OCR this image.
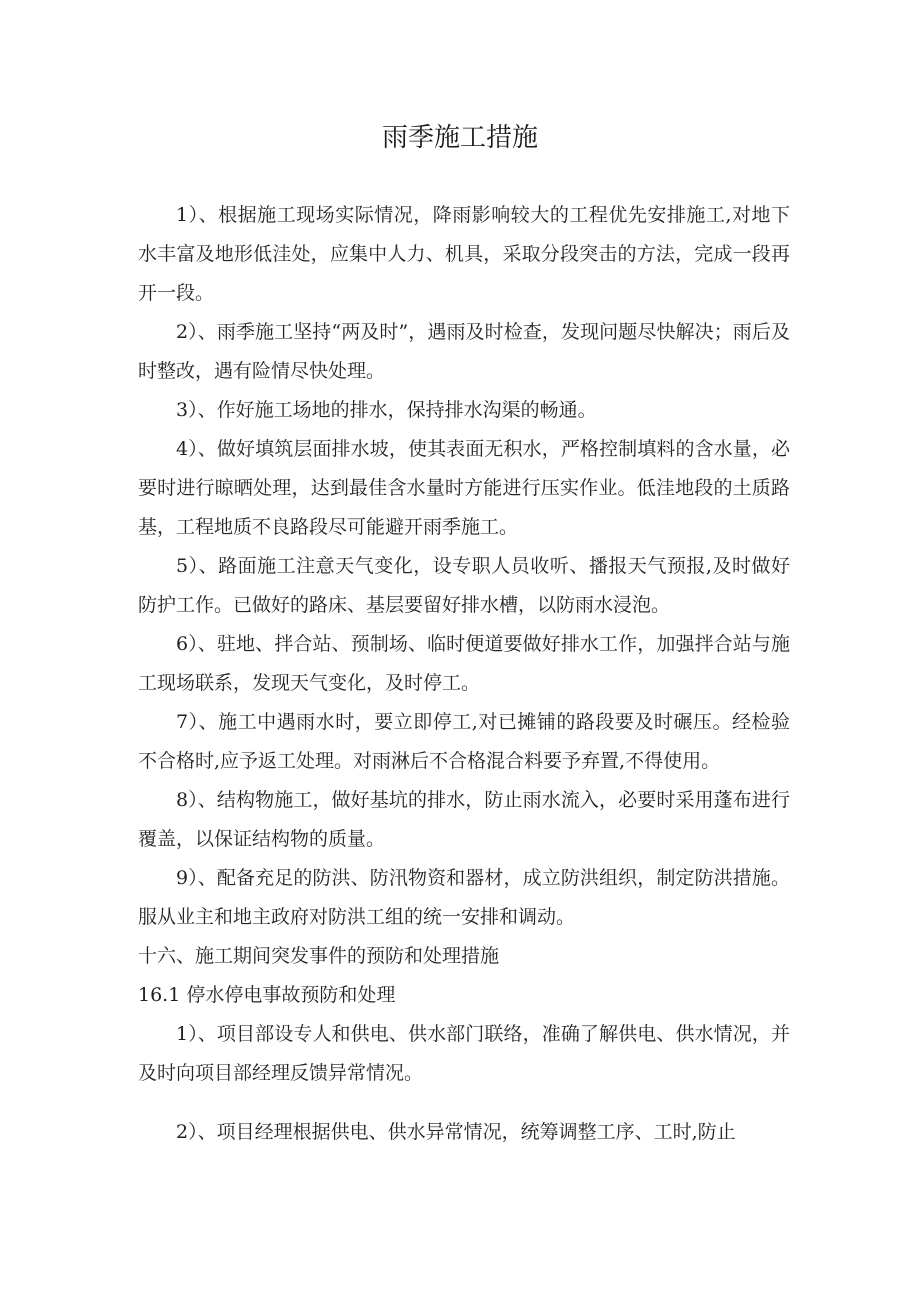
雨季施工措施

1）、根据施工现场实际情况，降雨影响较大的工程优先安排施工,对地下水丰富及地形低洼处，应集中人力、机具，采取分段突击的方法，完成一段再开一段。

2）、雨季施工坚持“两及时”，遇雨及时检查，发现问题尽快解决；雨后及时整改，遇有险情尽快处理。

3）、作好施工场地的排水，保持排水沟渠的畅通。

4）、做好填筑层面排水坡，使其表面无积水，严格控制填料的含水量，必要时进行晾晒处理，达到最佳含水量时方能进行压实作业。低洼地段的土质路基，工程地质不良路段尽可能避开雨季施工。

5）、路面施工注意天气变化，设专职人员收听、播报天气预报,及时做好防护工作。已做好的路床、基层要留好排水槽，以防雨水浸泡。

6）、驻地、拌合站、预制场、临时便道要做好排水工作，加强拌合站与施工现场联系，发现天气变化，及时停工。

7）、施工中遇雨水时，要立即停工,对已摊铺的路段要及时碾压。经检验不合格时,应予返工处理。对雨淋后不合格混合料要予弃置,不得使用。

8）、结构物施工，做好基坑的排水，防止雨水流入，必要时采用蓬布进行覆盖，以保证结构物的质量。

9）、配备充足的防洪、防汛物资和器材，成立防洪组织，制定防洪措施。服从业主和地主政府对防洪工组的统一安排和调动。

十六、施工期间突发事件的预防和处理措施

16.1 停水停电事故预防和处理

1）、项目部设专人和供电、供水部门联络，准确了解供电、供水情况，并及时向项目部经理反馈异常情况。

2）、项目经理根据供电、供水异常情况，统筹调整工序、工时,防止
